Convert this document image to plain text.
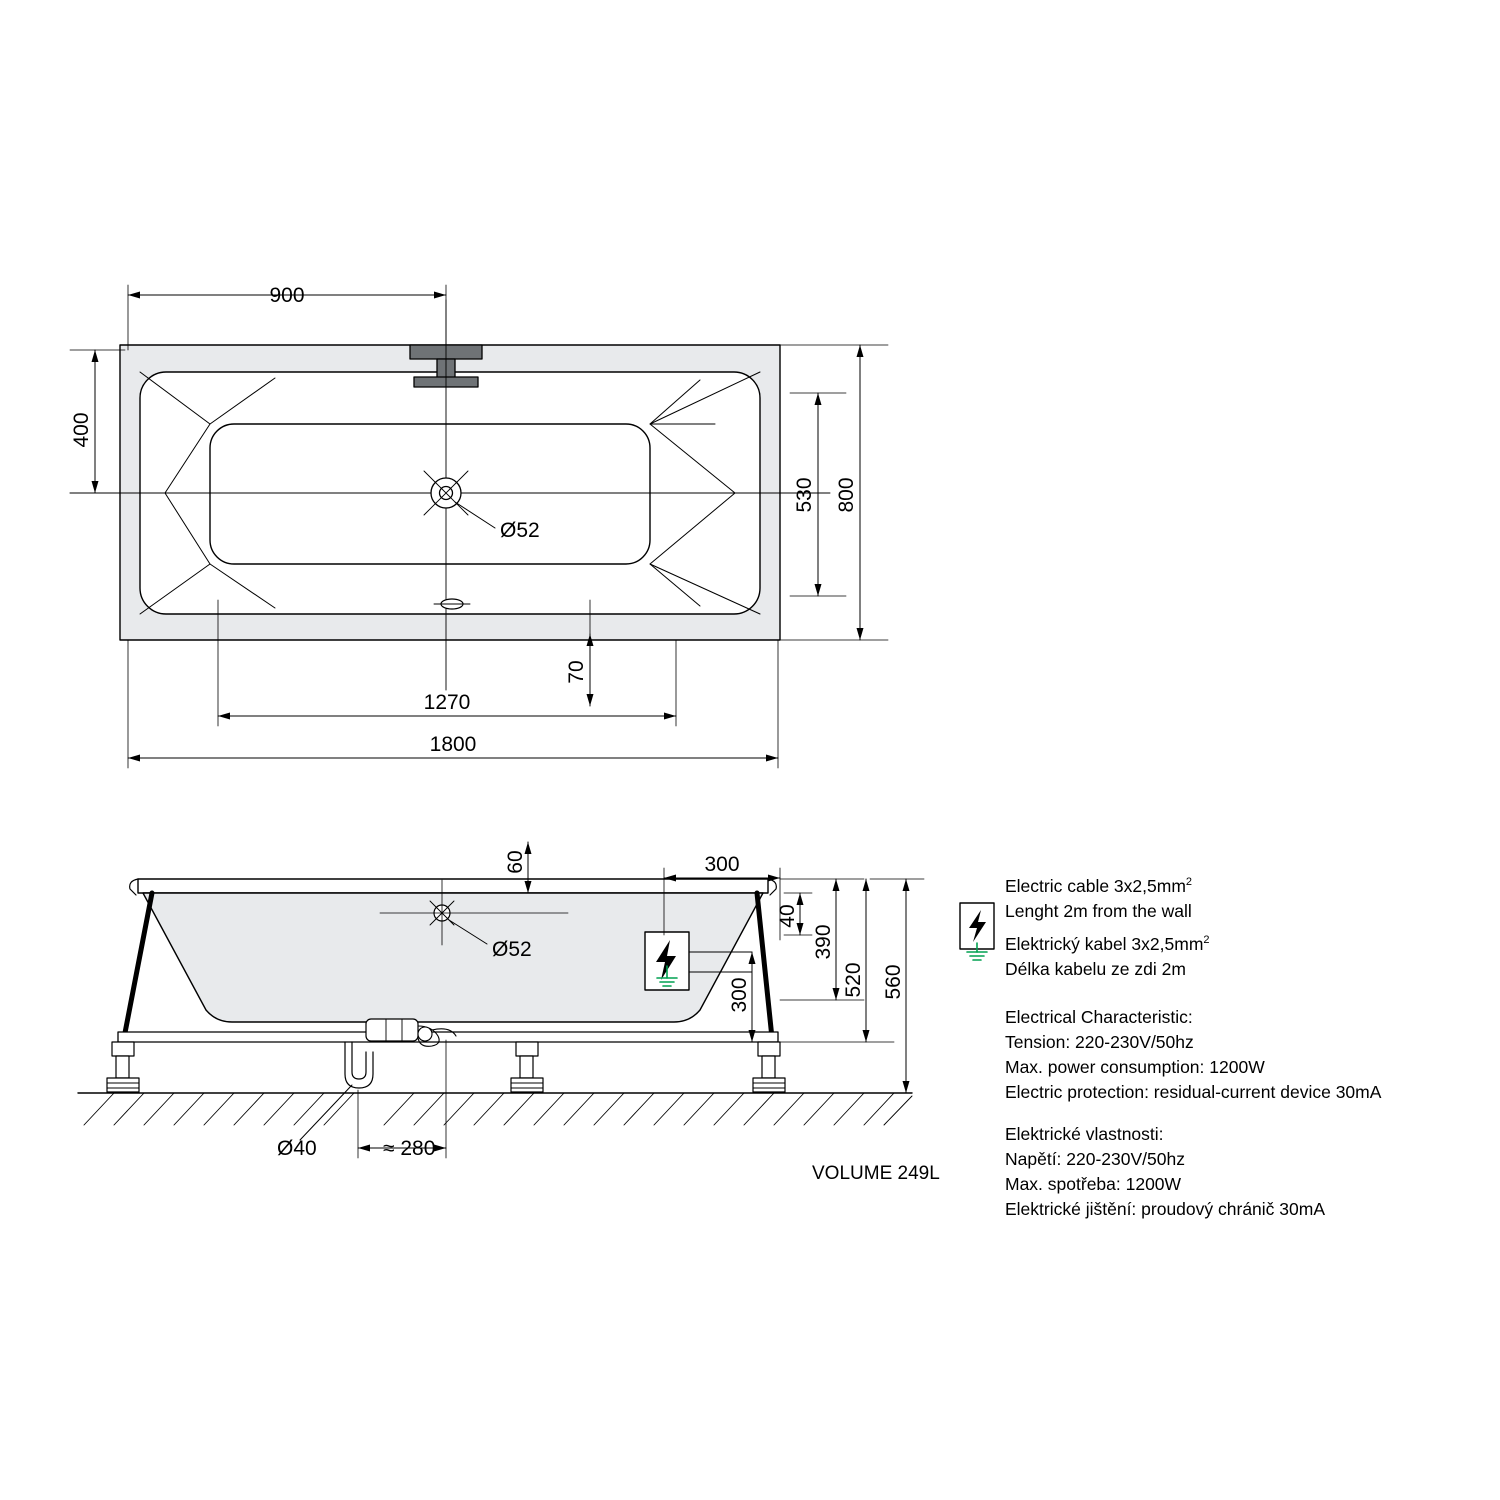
900
400
530 800
70
1270
1800
Ø52
60	300
Ø52
40
390
520 560
300
Ø40	≈ 280
VOLUME 249L
Electric cable $3x2,5mm^2$
Lenght 2m from the wall
Elektrický kabel $3x2,5mm^2$
Délka kabelu ze zdi 2m
Electrical Characteristic:
Tension: 220-230V/50hz
Max. power consumption: 1200W
Electric protection: residual-current device 30mA
Elektrické vlastnosti:
Napětí: 220-230V/50hz
Max. spotřeba: 1200W
Elektrické jištění: proudový chránič 30mA
